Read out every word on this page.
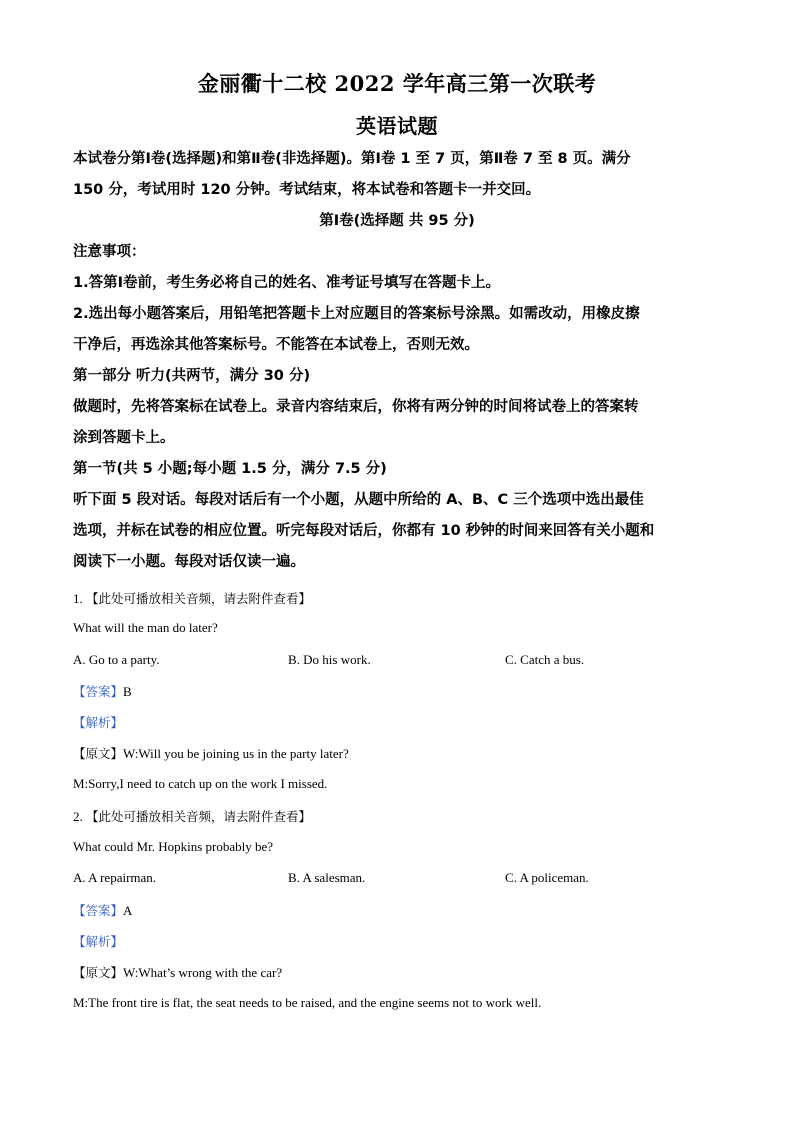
金丽衢十二校 2022 学年高三第一次联考
英语试题
本试卷分第Ⅰ卷(选择题)和第Ⅱ卷(非选择题)。第Ⅰ卷 1 至 7 页，第Ⅱ卷 7 至 8 页。满分
150 分，考试用时 120 分钟。考试结束，将本试卷和答题卡一并交回。
第Ⅰ卷(选择题 共 95 分)
注意事项：
1.答第Ⅰ卷前，考生务必将自己的姓名、准考证号填写在答题卡上。
2.选出每小题答案后，用铅笔把答题卡上对应题目的答案标号涂黑。如需改动，用橡皮擦
干净后，再选涂其他答案标号。不能答在本试卷上，否则无效。
第一部分 听力(共两节，满分 30 分)
做题时，先将答案标在试卷上。录音内容结束后，你将有两分钟的时间将试卷上的答案转
涂到答题卡上。
第一节(共 5 小题;每小题 1.5 分，满分 7.5 分)
听下面 5 段对话。每段对话后有一个小题，从题中所给的 A、B、C 三个选项中选出最佳
选项，并标在试卷的相应位置。听完每段对话后，你都有 10 秒钟的时间来回答有关小题和
阅读下一小题。每段对话仅读一遍。
1. 【此处可播放相关音频，请去附件查看】
What will the man do later?
A. Go to a party.	B. Do his work.	C. Catch a bus.
【答案】B
【解析】
【原文】W:Will you be joining us in the party later?
M:Sorry,I need to catch up on the work I missed.
2. 【此处可播放相关音频，请去附件查看】
What could Mr. Hopkins probably be?
A. A repairman.	B. A salesman.	C. A policeman.
【答案】A
【解析】
【原文】W:What’s wrong with the car?
M:The front tire is flat, the seat needs to be raised, and the engine seems not to work well.
